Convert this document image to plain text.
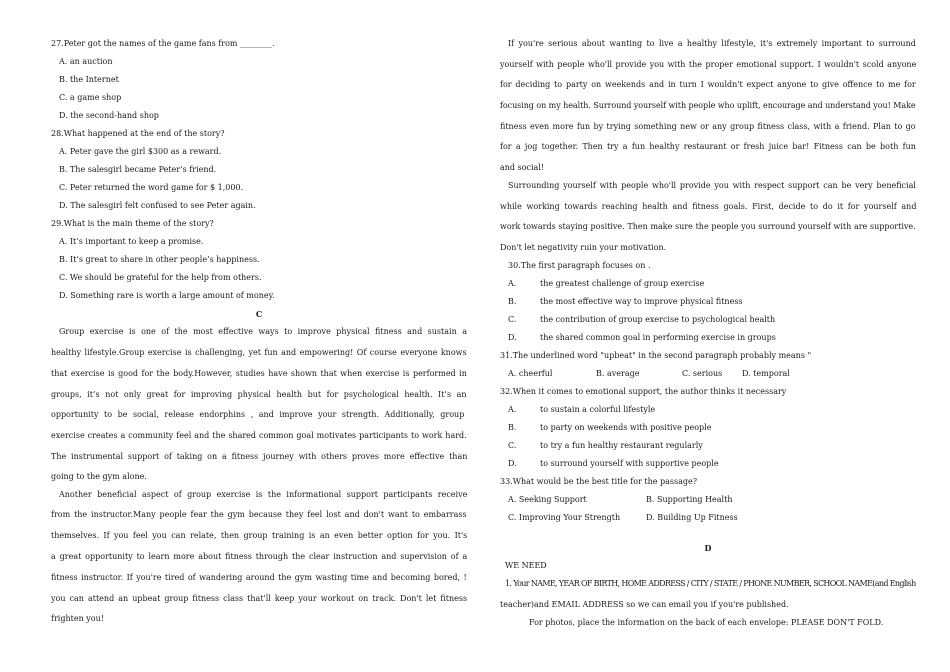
27.Peter got the names of the game fans from ________.
A. an auction
B. the Internet
C. a game shop
D. the second-hand shop
28.What happened at the end of the story?
A. Peter gave the girl $300 as a reward.
B. The salesgirl became Peter’s friend.
C. Peter returned the word game for $ 1,000.
D. The salesgirl felt confused to see Peter again.
29.What is the main theme of the story?
A. It’s important to keep a promise.
B. It’s great to share in other people’s happiness.
C. We should be grateful for the help from others.
D. Something rare is worth a large amount of money.
C
Group exercise is one of the most effective ways to improve physical fitness and sustain a
healthy lifestyle.Group exercise is challenging, yet fun and empowering! Of course everyone knows
that exercise is good for the body.However, studies have shown that when exercise is performed in
groups, it’s not only great for improving physical health but for psychological health. It’s an
opportunity to be social, release endorphins , and improve your strength. Additionally, group
exercise creates a community feel and the shared common goal motivates participants to work hard.
The instrumental support of taking on a fitness journey with others proves more effective than
going to the gym alone.
Another beneficial aspect of group exercise is the informational support participants receive
from the instructor.Many people fear the gym because they feel lost and don't want to embarrass
themselves. If you feel you can relate, then group training is an even better option for you. It's
a great opportunity to learn more about fitness through the clear instruction and supervision of a
fitness instructor. If you're tired of wandering around the gym wasting time and becoming bored, !
you can attend an upbeat group fitness class that'll keep your workout on track. Don't let fitness
frighten you!
If you're serious about wanting to live a healthy lifestyle, it's extremely important to surround
yourself with people who'll provide you with the proper emotional support. I wouldn't scold anyone
for deciding to party on weekends and in turn I wouldn't expect anyone to give offence to me for
focusing on my health. Surround yourself with people who uplift, encourage and understand you! Make
fitness even more fun by trying something new or any group fitness class, with a friend. Plan to go
for a jog together. Then try a fun healthy restaurant or fresh juice bar! Fitness can be both fun
and social!
Surrounding yourself with people who'll provide you with respect support can be very beneficial
while working towards reaching health and fitness goals. First, decide to do it for yourself and
work towards staying positive. Then make sure the people you surround yourself with are supportive.
Don't let negativity ruin your motivation.
30.The first paragraph focuses on .
A.	the greatest challenge of group exercise
B.	the most effective way to improve physical fitness
C.	the contribution of group exercise to psychological health
D.	the shared common goal in performing exercise in groups
31.The underlined word "upbeat" in the second paragraph probably means "
A. cheerful	B. average	C. serious D. temporal
32.When it comes to emotional support, the author thinks it necessary
A.	to sustain a colorful lifestyle
B.	to party on weekends with positive people
C.	to try a fun healthy restaurant regularly
D.	to surround yourself with supportive people
33.What would be the best title for the passage?
A. Seeking Support	B. Supporting Health
C. Improving Your Strength	D. Building Up Fitness
D
WE NEED
1. Your NAME, YEAR OF BIRTH, HOME ADDRESS / CITY / STATE / PHONE NUMBER, SCHOOL NAME(and English
teacher)and EMAIL ADDRESS so we can email you if you're published.
For photos, place the information on the back of each envelope: PLEASE DON'T FOLD.
